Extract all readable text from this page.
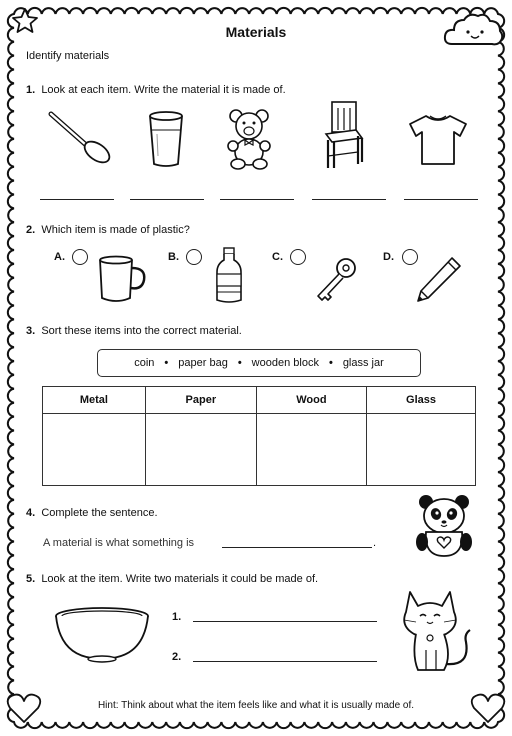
Materials
Identify materials
1. Look at each item. Write the material it is made of.
2. Which item is made of plastic?
A.	B.	C.	D.
3. Sort these items into the correct material.
coin • paper bag • wooden block • glass jar
Metal	Paper	Wood	Glass

4. Complete the sentence.
A material is what something is	.
5. Look at the item. Write two materials it could be made of.
1.
2.
Hint: Think about what the item feels like and what it is usually made of.
